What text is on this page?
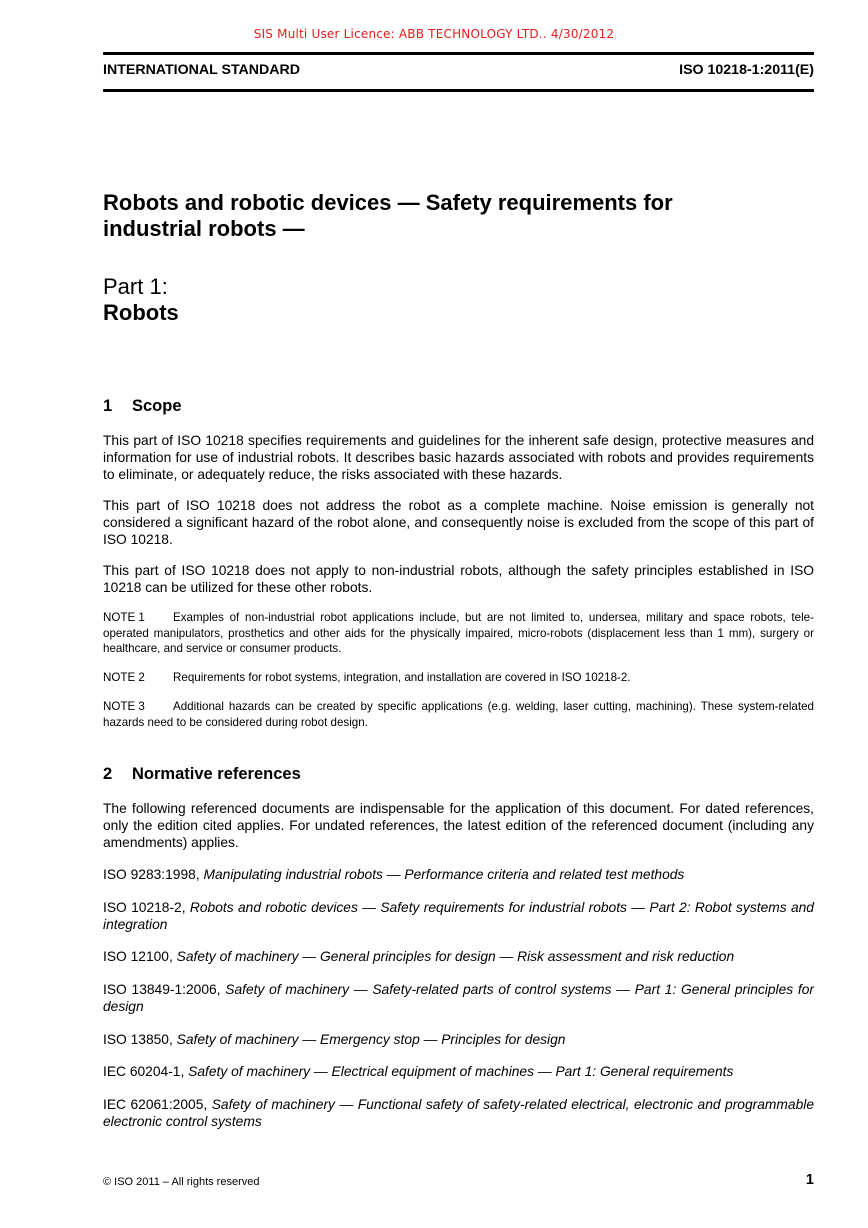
SIS Multi User Licence: ABB TECHNOLOGY LTD.. 4/30/2012
INTERNATIONAL STANDARD	ISO 10218-1:2011(E)
Robots and robotic devices — Safety requirements for
industrial robots —
Part 1:
Robots
1 Scope

This part of ISO 10218 specifies requirements and guidelines for the inherent safe design, protective measures and information for use of industrial robots. It describes basic hazards associated with robots and provides requirements to eliminate, or adequately reduce, the risks associated with these hazards.

This part of ISO 10218 does not address the robot as a complete machine. Noise emission is generally not considered a significant hazard of the robot alone, and consequently noise is excluded from the scope of this part of ISO 10218.

This part of ISO 10218 does not apply to non-industrial robots, although the safety principles established in ISO 10218 can be utilized for these other robots.

NOTE 1 Examples of non-industrial robot applications include, but are not limited to, undersea, military and space robots, tele-operated manipulators, prosthetics and other aids for the physically impaired, micro-robots (displacement less than 1 mm), surgery or healthcare, and service or consumer products.
NOTE 2 Requirements for robot systems, integration, and installation are covered in ISO 10218-2.
NOTE 3 Additional hazards can be created by specific applications (e.g. welding, laser cutting, machining). These system-related hazards need to be considered during robot design.
2 Normative references

The following referenced documents are indispensable for the application of this document. For dated references, only the edition cited applies. For undated references, the latest edition of the referenced document (including any amendments) applies.

ISO 9283:1998, Manipulating industrial robots — Performance criteria and related test methods

ISO 10218-2, Robots and robotic devices — Safety requirements for industrial robots — Part 2: Robot systems and integration

ISO 12100, Safety of machinery — General principles for design — Risk assessment and risk reduction

ISO 13849-1:2006, Safety of machinery — Safety-related parts of control systems — Part 1: General principles for design

ISO 13850, Safety of machinery — Emergency stop — Principles for design

IEC 60204-1, Safety of machinery — Electrical equipment of machines — Part 1: General requirements

IEC 62061:2005, Safety of machinery — Functional safety of safety-related electrical, electronic and programmable electronic control systems

© ISO 2011 – All rights reserved	1
